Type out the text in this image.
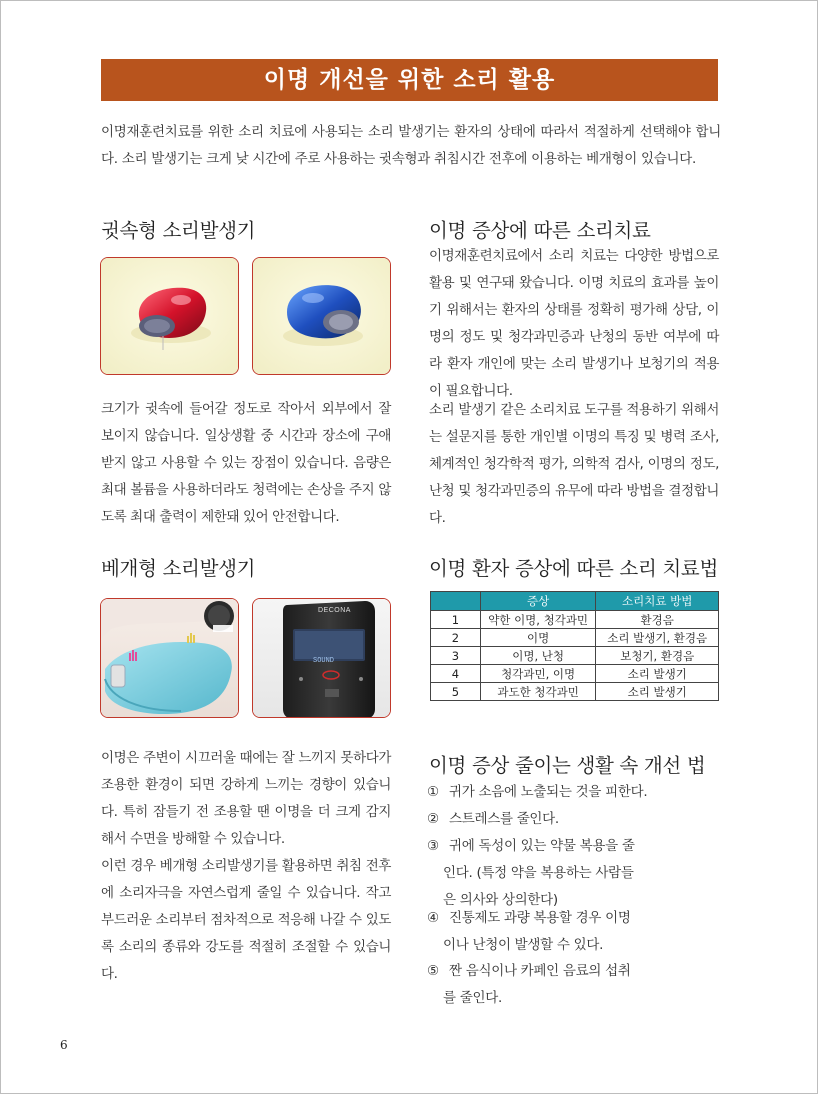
이명 개선을 위한 소리 활용
이명재훈련치료를 위한 소리 치료에 사용되는 소리 발생기는 환자의 상태에 따라서 적절하게 선택해야 합니다. 소리 발생기는 크게 낮 시간에 주로 사용하는 귓속형과 취침시간 전후에 이용하는 베개형이 있습니다.
귓속형 소리발생기
크기가 귓속에 들어갈 정도로 작아서 외부에서 잘 보이지 않습니다. 일상생활 중 시간과 장소에 구애받지 않고 사용할 수 있는 장점이 있습니다. 음량은 최대 볼륨을 사용하더라도 청력에는 손상을 주지 않도록 최대 출력이 제한돼 있어 안전합니다.
베개형 소리발생기
DECONA
SOUND
이명은 주변이 시끄러울 때에는 잘 느끼지 못하다가 조용한 환경이 되면 강하게 느끼는 경향이 있습니다. 특히 잠들기 전 조용할 땐 이명을 더 크게 감지해서 수면을 방해할 수 있습니다.
이런 경우 베개형 소리발생기를 활용하면 취침 전후에 소리자극을 자연스럽게 줄일 수 있습니다. 작고 부드러운 소리부터 점차적으로 적응해 나갈 수 있도록 소리의 종류와 강도를 적절히 조절할 수 있습니다.
이명 증상에 따른 소리치료
이명재훈련치료에서 소리 치료는 다양한 방법으로 활용 및 연구돼 왔습니다. 이명 치료의 효과를 높이기 위해서는 환자의 상태를 정확히 평가해 상담, 이명의 정도 및 청각과민증과 난청의 동반 여부에 따라 환자 개인에 맞는 소리 발생기나 보청기의 적용이 필요합니다.
소리 발생기 같은 소리치료 도구를 적용하기 위해서는 설문지를 통한 개인별 이명의 특징 및 병력 조사, 체계적인 청각학적 평가, 의학적 검사, 이명의 정도, 난청 및 청각과민증의 유무에 따라 방법을 결정합니다.
이명 환자 증상에 따른 소리 치료법
	증상	소리치료 방법
1	약한 이명, 청각과민	환경음
2	이명	소리 발생기, 환경음
3	이명, 난청	보청기, 환경음
4	청각과민, 이명	소리 발생기
5	과도한 청각과민	소리 발생기
이명 증상 줄이는 생활 속 개선 법
① 귀가 소음에 노출되는 것을 피한다.
② 스트레스를 줄인다.
③ 귀에 독성이 있는 약물 복용을 줄
인다. (특정 약을 복용하는 사람들
은 의사와 상의한다)
④ 진통제도 과량 복용할 경우 이명
이나 난청이 발생할 수 있다.
⑤ 짠 음식이나 카페인 음료의 섭취
를 줄인다.
6
